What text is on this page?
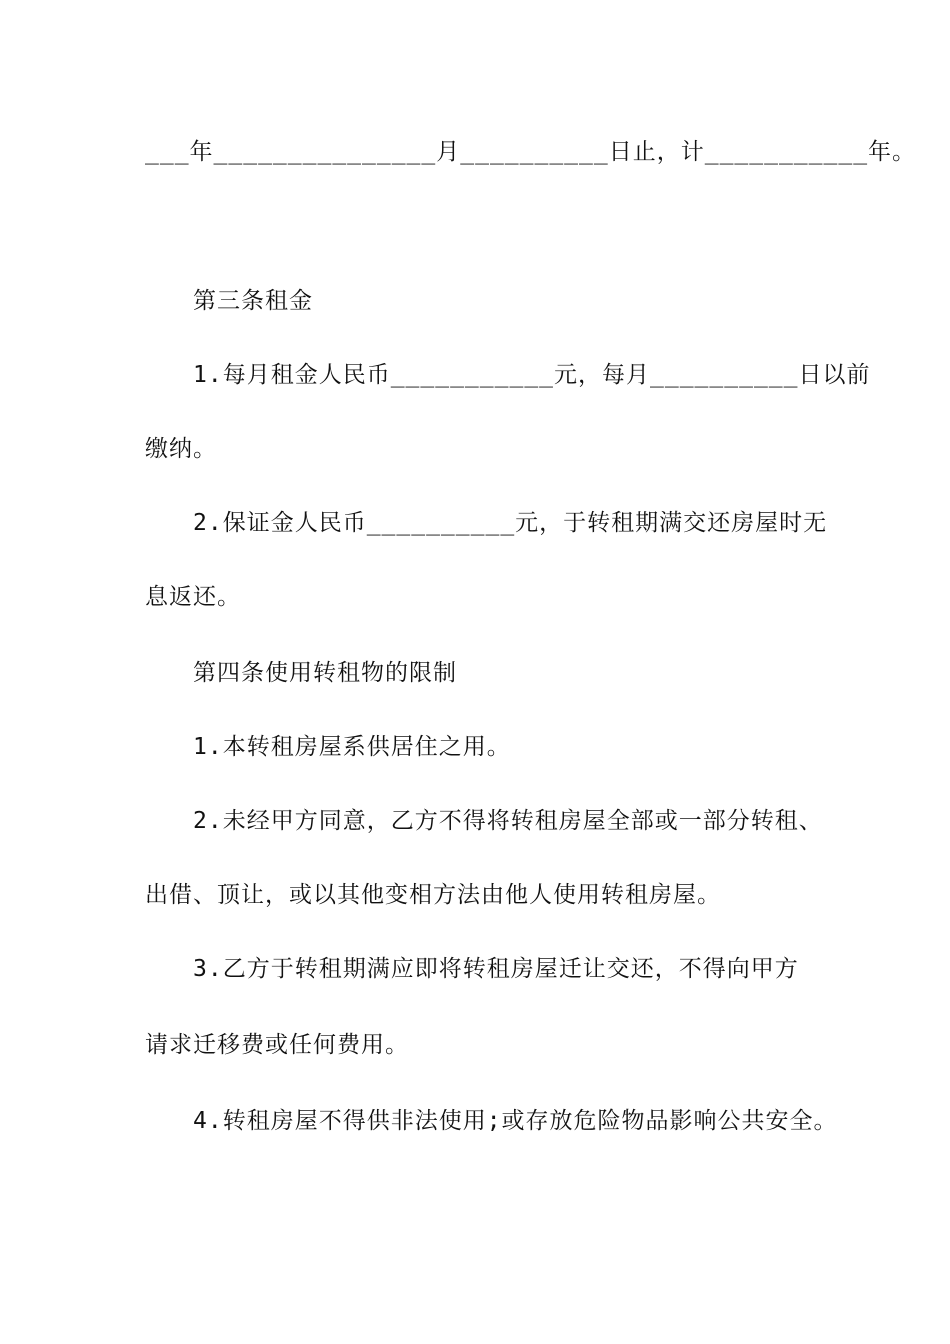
___年_______________月__________日止，计___________年。
第三条租金
1.每月租金人民币___________元，每月__________日以前
缴纳。
2.保证金人民币__________元，于转租期满交还房屋时无
息返还。
第四条使用转租物的限制
1.本转租房屋系供居住之用。
2.未经甲方同意，乙方不得将转租房屋全部或一部分转租、
出借、顶让，或以其他变相方法由他人使用转租房屋。
3.乙方于转租期满应即将转租房屋迁让交还，不得向甲方
请求迁移费或任何费用。
4.转租房屋不得供非法使用;或存放危险物品影响公共安全。
